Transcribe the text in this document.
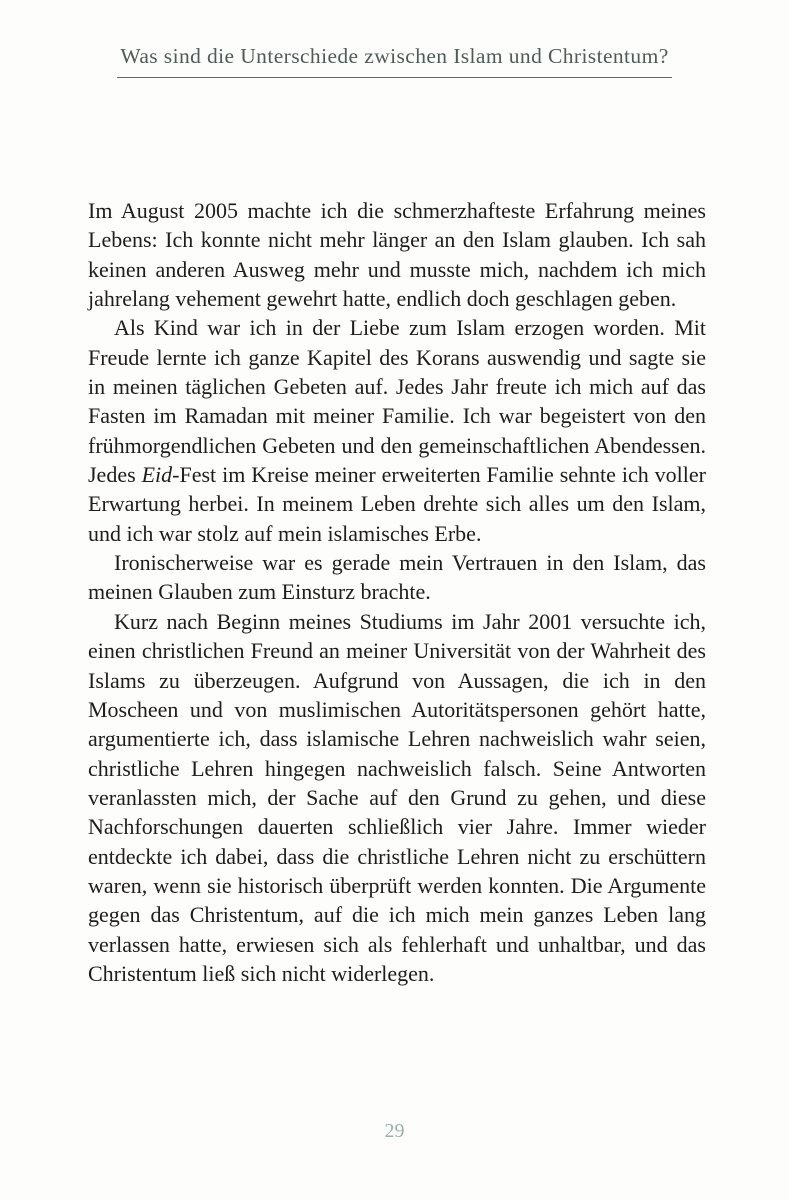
Was sind die Unterschiede zwischen Islam und Christentum?

Im August 2005 machte ich die schmerzhafteste Erfahrung meines Lebens: Ich konnte nicht mehr länger an den Islam glauben. Ich sah keinen anderen Ausweg mehr und musste mich, nachdem ich mich jahrelang vehement gewehrt hatte, endlich doch geschlagen geben.

Als Kind war ich in der Liebe zum Islam erzogen worden. Mit Freude lernte ich ganze Kapitel des Korans auswendig und sagte sie in meinen täglichen Gebeten auf. Jedes Jahr freute ich mich auf das Fasten im Ramadan mit meiner Familie. Ich war begeistert von den frühmorgendlichen Gebeten und den gemeinschaftlichen Abendessen. Jedes Eid-Fest im Kreise meiner erweiterten Familie sehnte ich voller Erwartung herbei. In meinem Leben drehte sich alles um den Islam, und ich war stolz auf mein islamisches Erbe.

Ironischerweise war es gerade mein Vertrauen in den Islam, das meinen Glauben zum Einsturz brachte.

Kurz nach Beginn meines Studiums im Jahr 2001 versuchte ich, einen christlichen Freund an meiner Universität von der Wahrheit des Islams zu überzeugen. Aufgrund von Aussagen, die ich in den Moscheen und von muslimischen Autoritätspersonen gehört hatte, argumentierte ich, dass islamische Lehren nachweislich wahr seien, christliche Lehren hingegen nachweislich falsch. Seine Antworten veranlassten mich, der Sache auf den Grund zu gehen, und diese Nachforschungen dauerten schließlich vier Jahre. Immer wieder entdeckte ich dabei, dass die christliche Lehren nicht zu erschüttern waren, wenn sie historisch überprüft werden konnten. Die Argumente gegen das Christentum, auf die ich mich mein ganzes Leben lang verlassen hatte, erwiesen sich als fehlerhaft und unhaltbar, und das Christentum ließ sich nicht widerlegen.

29
